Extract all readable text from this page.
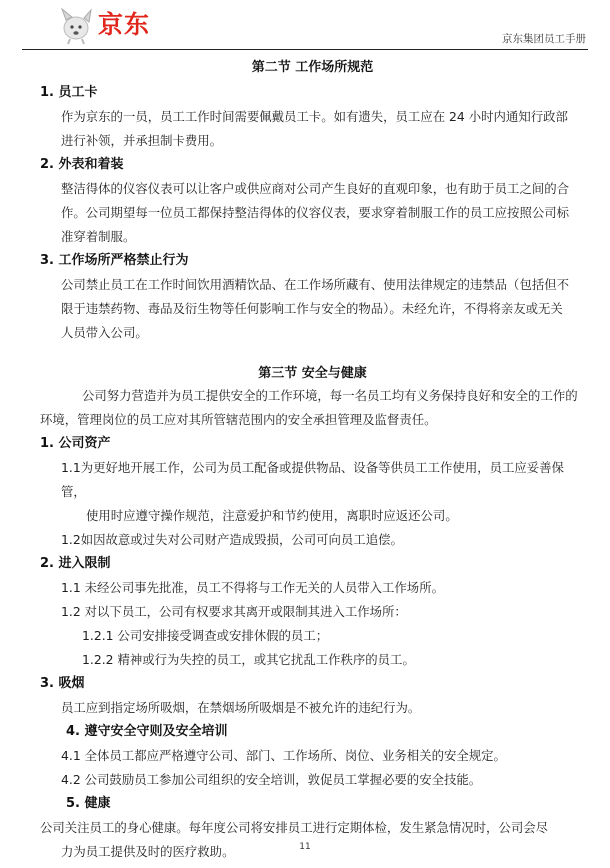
京东	京东集团员工手册

第二节 工作场所规范

1. 员工卡

作为京东的一员，员工工作时间需要佩戴员工卡。如有遗失，员工应在 24 小时内通知行政部

进行补领，并承担制卡费用。

2. 外表和着装

整洁得体的仪容仪表可以让客户或供应商对公司产生良好的直观印象，也有助于员工之间的合

作。公司期望每一位员工都保持整洁得体的仪容仪表，要求穿着制服工作的员工应按照公司标

准穿着制服。

3. 工作场所严格禁止行为

公司禁止员工在工作时间饮用酒精饮品、在工作场所藏有、使用法律规定的违禁品（包括但不

限于违禁药物、毒品及衍生物等任何影响工作与安全的物品）。未经允许，不得将亲友或无关

人员带入公司。

第三节 安全与健康

公司努力营造并为员工提供安全的工作环境，每一名员工均有义务保持良好和安全的工作的

环境，管理岗位的员工应对其所管辖范围内的安全承担管理及监督责任。

1. 公司资产

1.1为更好地开展工作，公司为员工配备或提供物品、设备等供员工工作使用，员工应妥善保管，

使用时应遵守操作规范，注意爱护和节约使用，离职时应返还公司。

1.2如因故意或过失对公司财产造成毁损，公司可向员工追偿。

2. 进入限制

1.1 未经公司事先批准，员工不得将与工作无关的人员带入工作场所。

1.2 对以下员工，公司有权要求其离开或限制其进入工作场所：

1.2.1 公司安排接受调查或安排休假的员工；

1.2.2 精神或行为失控的员工，或其它扰乱工作秩序的员工。

3. 吸烟

员工应到指定场所吸烟，在禁烟场所吸烟是不被允许的违纪行为。

4. 遵守安全守则及安全培训

4.1 全体员工都应严格遵守公司、部门、工作场所、岗位、业务相关的安全规定。

4.2 公司鼓励员工参加公司组织的安全培训，敦促员工掌握必要的安全技能。

5. 健康

公司关注员工的身心健康。每年度公司将安排员工进行定期体检，发生紧急情况时，公司会尽

力为员工提供及时的医疗救助。	11
